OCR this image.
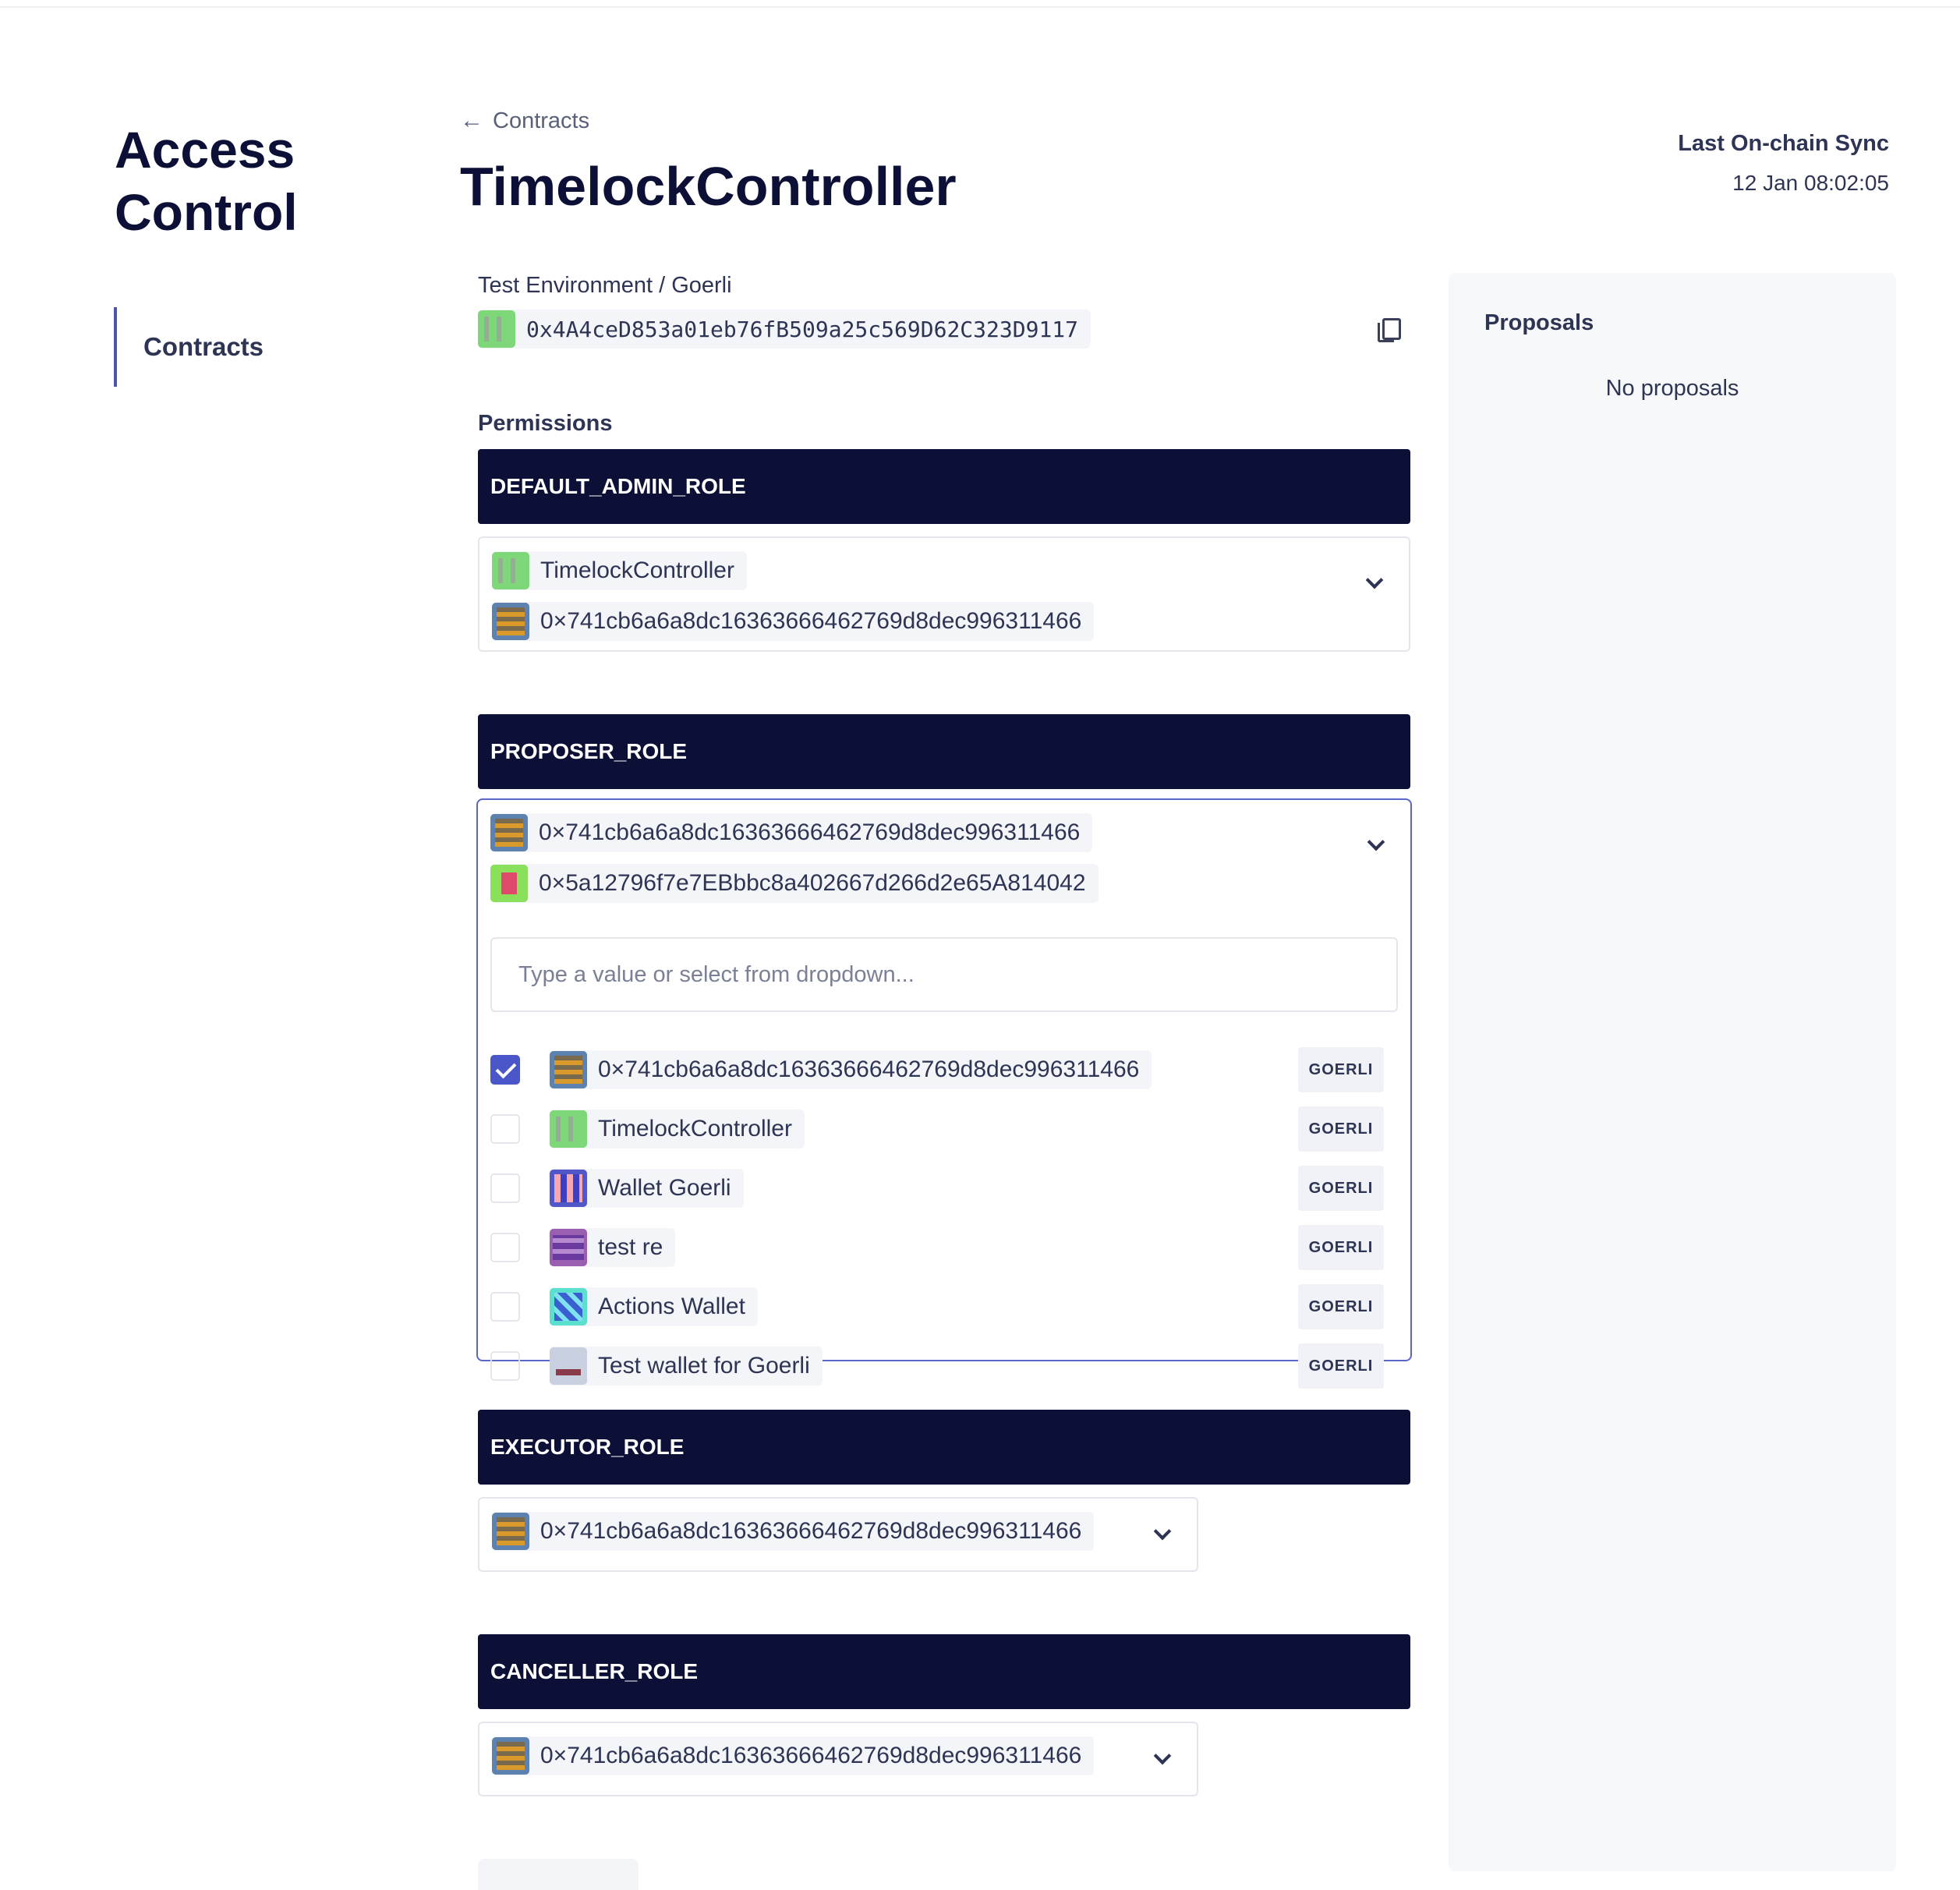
Access Control
Contracts
← Contracts
TimelockController
Last On-chain Sync
12 Jan 08:02:05
Proposals
No proposals
Test Environment / Goerli
0x4A4ceD853a01eb76fB509a25c569D62C323D9117
Permissions
DEFAULT_ADMIN_ROLE
TimelockController
0×741cb6a6a8dc16363666462769d8dec996311466
PROPOSER_ROLE
0×741cb6a6a8dc16363666462769d8dec996311466
0×5a12796f7e7EBbbc8a402667d266d2e65A814042
Type a value or select from dropdown...
0×741cb6a6a8dc16363666462769d8dec996311466	GOERLI
TimelockController	GOERLI
Wallet Goerli	GOERLI
test re	GOERLI
Actions Wallet	GOERLI
Test wallet for Goerli	GOERLI
EXECUTOR_ROLE
0×741cb6a6a8dc16363666462769d8dec996311466
CANCELLER_ROLE
0×741cb6a6a8dc16363666462769d8dec996311466
